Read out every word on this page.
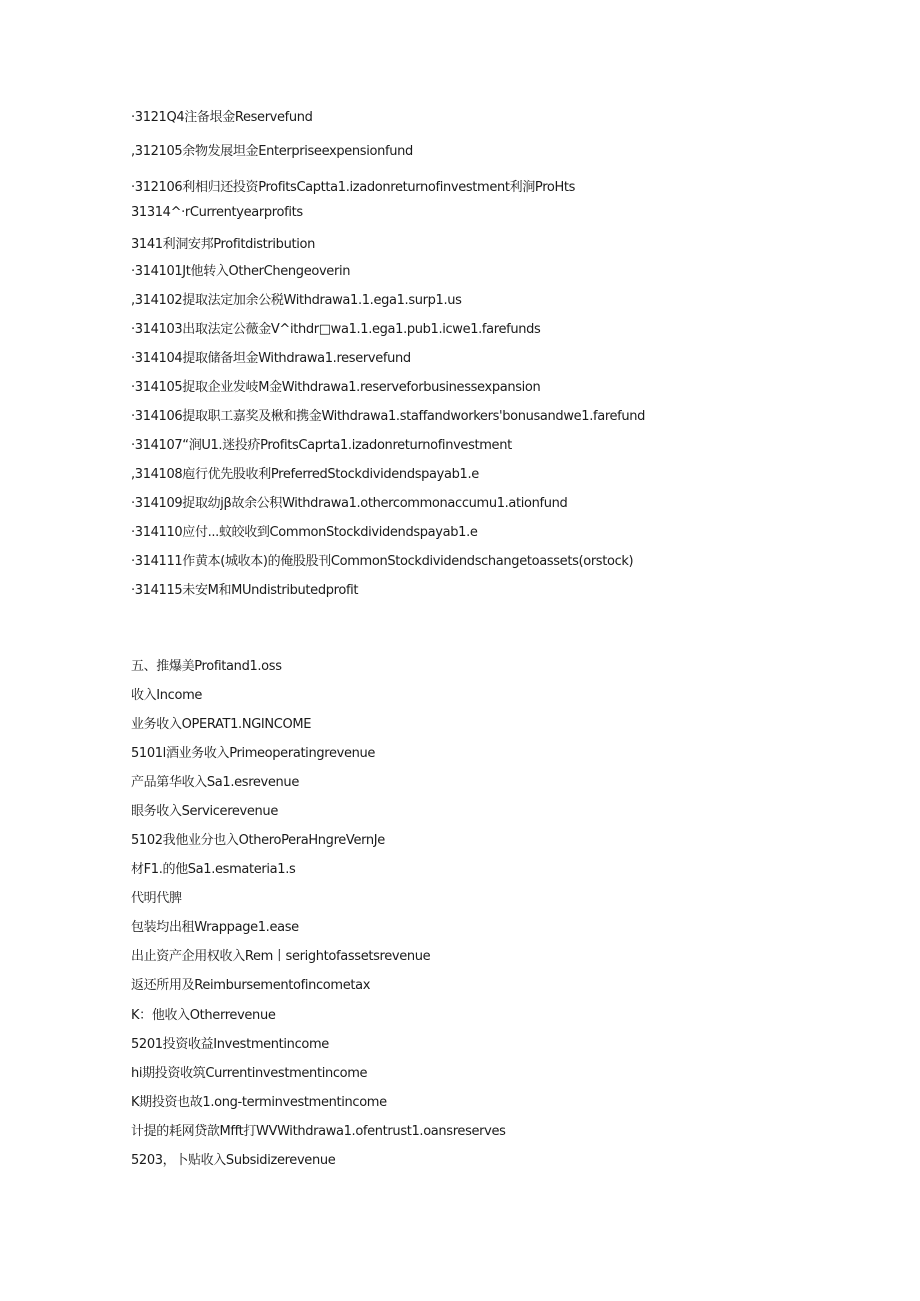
·3121Q4注备垠金Reservefund
,312105余物发展坦金Enterpriseexpensionfund
·312106利相归还投资ProfitsCaptta1.izadonreturnofinvestment利涧ProHts
31314^·rCurrentyearprofits
3141利洞安邦Profitdistribution
·314101Jt他转入OtherChengeoverin
,314102提取法定加余公税Withdrawa1.1.ega1.surp1.us
·314103出取法定公薇金V^ithdr□wa1.1.ega1.pub1.icwe1.farefunds
·314104提取储备坦金Withdrawa1.reservefund
·314105捉取企业发岐M金Withdrawa1.reserveforbusinessexpansion
·314106提取职工嘉奖及楸和携金Withdrawa1.staffandworkers'bonusandwe1.farefund
·314107“涧U1.迷投疥ProfitsCaprta1.izadonreturnofinvestment
,314108庖行优先股收利PreferredStockdividendspayab1.e
·314109捉取幼jβ故余公积Withdrawa1.othercommonaccumu1.ationfund
·314110应付...蚊皎收到CommonStockdividendspayab1.e
·314111作黄本(城收本)的俺股股刊CommonStockdividendschangetoassets(orstock)
·314115未安M和MUndistributedprofit
五、推爆美Profitand1.oss
收入Income
业务收入OPERAT1.NGINCOME
5101l酒业务收入Primeoperatingrevenue
产品第华收入Sa1.esrevenue
眼务收入Servicerevenue
5102我他业分也入OtheroPeraHngreVernJe
材F1.的他Sa1.esmateria1.s
代明代脾
包装均出租Wrappage1.ease
出止资产企用权收入Rem丨serightofassetsrevenue
返还所用及Reimbursementofincometax
K：他收入Otherrevenue
5201投资收益Investmentincome
hi期投资收筑Currentinvestmentincome
K期投资也故1.ong-terminvestmentincome
计提的耗网贷歆Mfft打WVWithdrawa1.ofentrust1.oansreserves
5203，卜贴收入Subsidizerevenue
